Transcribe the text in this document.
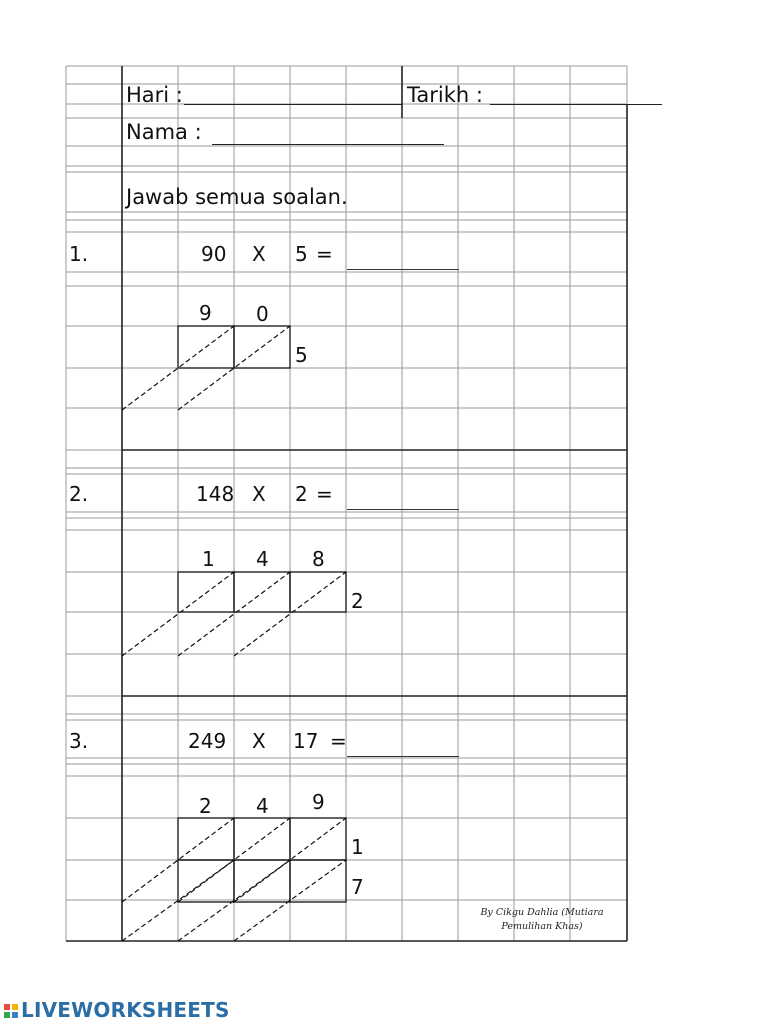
Hari :	Tarikh :
Nama :
Jawab semua soalan.
1.	90 X 5 =
9 0
5
2.	148 X 2 =
1 4 8
2
3.	249 X 17 =
2 4 9
1
7
By Cikgu Dahlia (Mutiara
Pemulihan Khas)
LIVEWORKSHEETS
